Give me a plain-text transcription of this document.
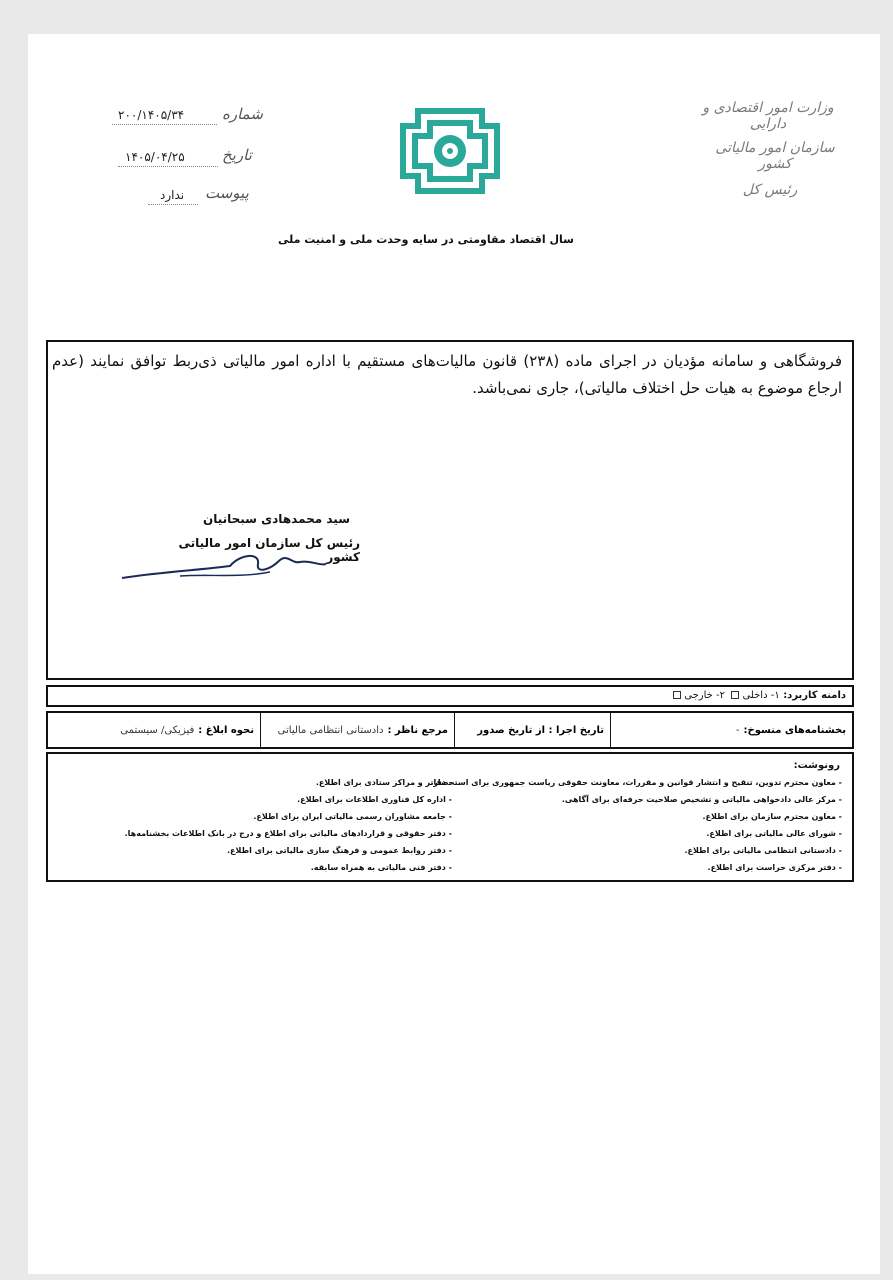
۲۰۰/۱۴۰۵/۳۴	شماره
۱۴۰۵/۰۴/۲۵ تاریخ
ندارد پیوست
وزارت امور اقتصادی و دارایی
سازمان امور مالیاتی کشور
رئیس کل
سال اقتصاد مقاومتی در سایه وحدت ملی و امنیت ملی
فروشگاهی و سامانه مؤدیان در اجرای ماده (۲۳۸) قانون مالیات‌های مستقیم با اداره امور مالیاتی ذی‌ربط توافق نمایند (عدم ارجاع موضوع به هیات حل اختلاف مالیاتی)، جاری نمی‌باشد.
سید محمدهادی سبحانیان
رئیس کل سازمان امور مالیاتی کشور
دامنه کاربرد: ۱- داخلی ۲- خارجی
بخشنامه‌های منسوخ:
-
تاریخ اجرا : از تاریخ صدور
مرجع ناظر :
دادستانی انتظامی مالیاتی
نحوه ابلاغ :
فیزیکی/ سیستمی
رونوشت:
- معاون محترم تدوین، تنقیح و انتشار قوانین و مقررات، معاونت حقوقی ریاست جمهوری برای استحضار.
- مرکز عالی دادخواهی مالیاتی و تشخیص صلاحیت حرفه‌ای برای آگاهی.
- معاون محترم سازمان برای اطلاع.
- شورای عالی مالیاتی برای اطلاع.
- دادستانی انتظامی مالیاتی برای اطلاع.
- دفتر مرکزی حراست برای اطلاع.
- دفاتر و مراکز ستادی برای اطلاع.
- اداره کل فناوری اطلاعات برای اطلاع.
- جامعه مشاوران رسمی مالیاتی ایران برای اطلاع.
- دفتر حقوقی و قراردادهای مالیاتی برای اطلاع و درج در بانک اطلاعات بخشنامه‌ها.
- دفتر روابط عمومی و فرهنگ سازی مالیاتی برای اطلاع.
- دفتر فنی مالیاتی به همراه سابقه.
